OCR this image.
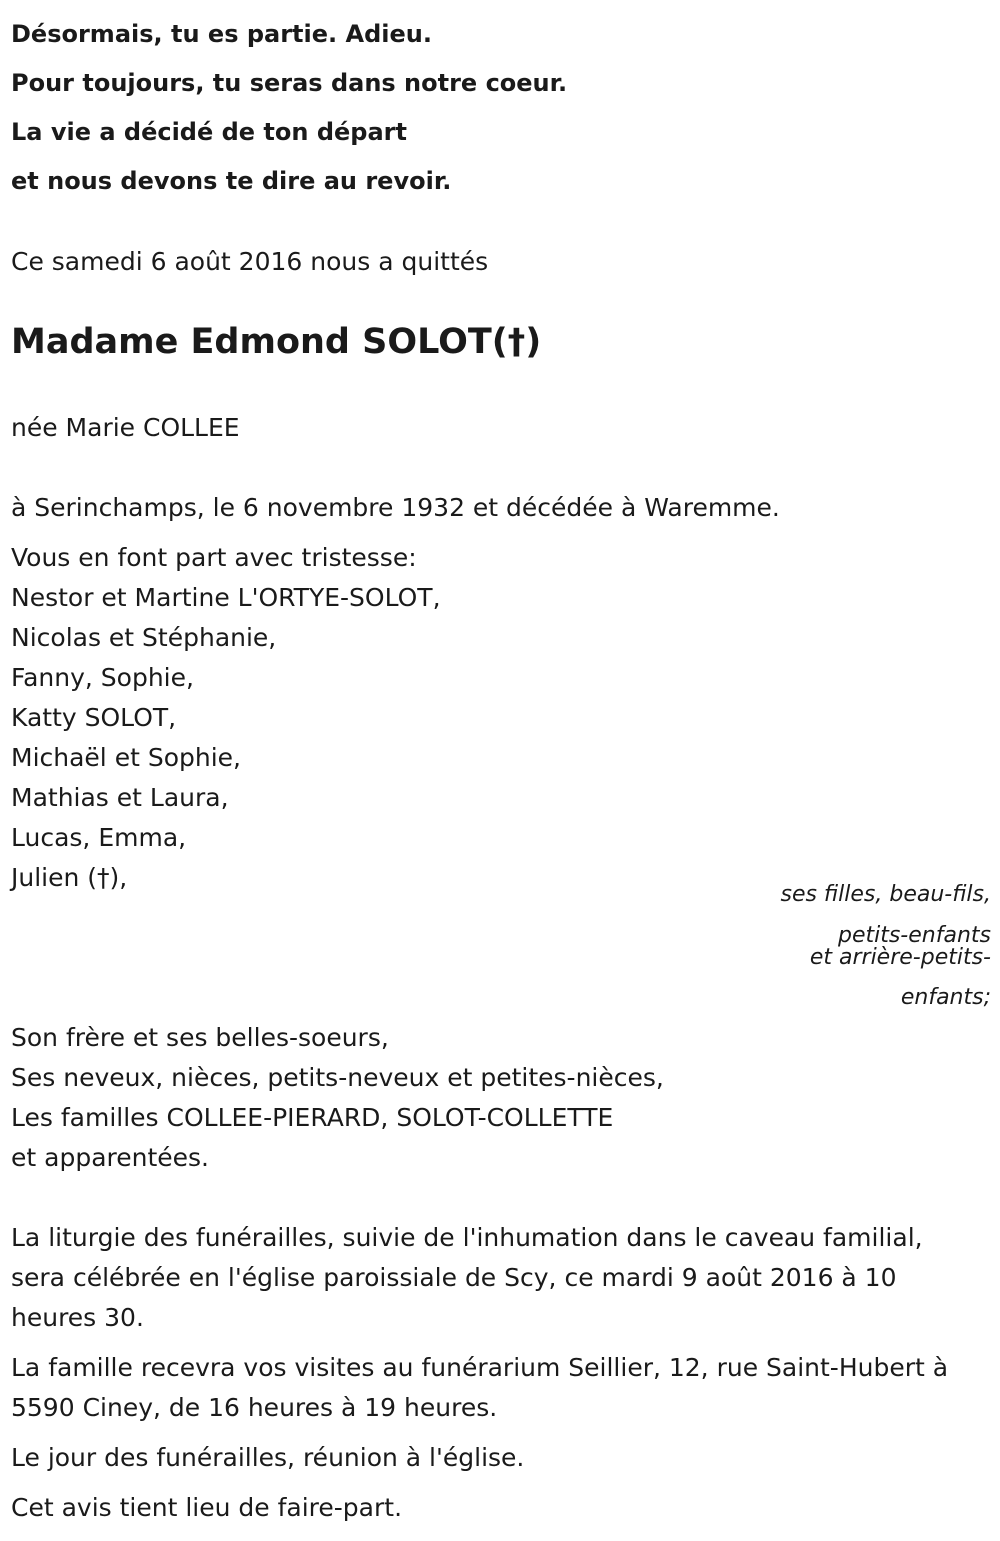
Désormais, tu es partie. Adieu.
Pour toujours, tu seras dans notre coeur.
La vie a décidé de ton départ
et nous devons te dire au revoir.
Ce samedi 6 août 2016 nous a quittés
Madame Edmond SOLOT(†)
née Marie COLLEE
à Serinchamps, le 6 novembre 1932 et décédée à Waremme.
Vous en font part avec tristesse:
Nestor et Martine L'ORTYE-SOLOT,
Nicolas et Stéphanie,
Fanny, Sophie,
Katty SOLOT,
Michaël et Sophie,
Mathias et Laura,
Lucas, Emma,
Julien (†),
ses filles, beau-fils,
petits-enfants
et arrière-petits-
enfants;
Son frère et ses belles-soeurs,
Ses neveux, nièces, petits-neveux et petites-nièces,
Les familles COLLEE-PIERARD, SOLOT-COLLETTE
et apparentées.

La liturgie des funérailles, suivie de l'inhumation dans le caveau familial, sera célébrée en l'église paroissiale de Scy, ce mardi 9 août 2016 à 10 heures 30.

La famille recevra vos visites au funérarium Seillier, 12, rue Saint-Hubert à 5590 Ciney, de 16 heures à 19 heures.

Le jour des funérailles, réunion à l'église.

Cet avis tient lieu de faire-part.
